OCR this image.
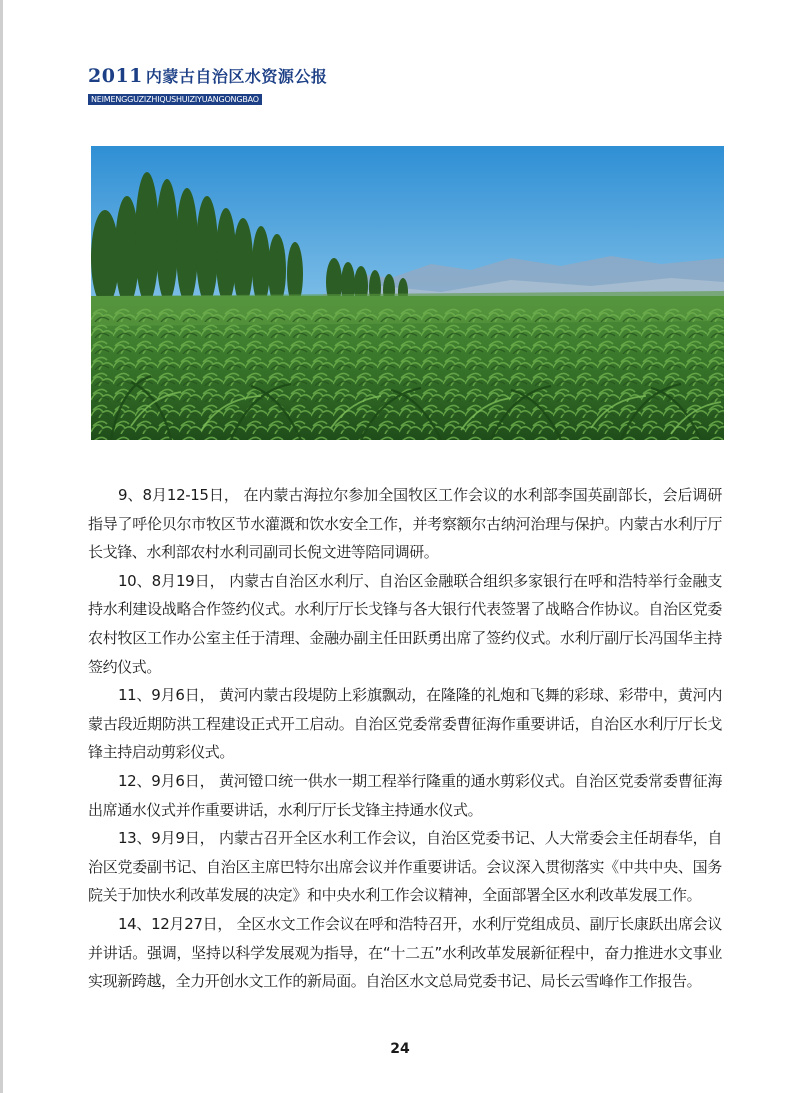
2011 内蒙古自治区水资源公报
NEIMENGGUZIZHIQUSHUIZIYUANGONGBAO

9、8月12-15日， 在内蒙古海拉尔参加全国牧区工作会议的水利部李国英副部长，会后调研指导了呼伦贝尔市牧区节水灌溉和饮水安全工作，并考察额尔古纳河治理与保护。内蒙古水利厅厅长戈锋、水利部农村水利司副司长倪文进等陪同调研。

10、8月19日， 内蒙古自治区水利厅、自治区金融联合组织多家银行在呼和浩特举行金融支持水利建设战略合作签约仪式。水利厅厅长戈锋与各大银行代表签署了战略合作协议。自治区党委农村牧区工作办公室主任于清理、金融办副主任田跃勇出席了签约仪式。水利厅副厅长冯国华主持签约仪式。

11、9月6日， 黄河内蒙古段堤防上彩旗飘动，在隆隆的礼炮和飞舞的彩球、彩带中，黄河内蒙古段近期防洪工程建设正式开工启动。自治区党委常委曹征海作重要讲话，自治区水利厅厅长戈锋主持启动剪彩仪式。

12、9月6日， 黄河镫口统一供水一期工程举行隆重的通水剪彩仪式。自治区党委常委曹征海出席通水仪式并作重要讲话，水利厅厅长戈锋主持通水仪式。

13、9月9日， 内蒙古召开全区水利工作会议，自治区党委书记、人大常委会主任胡春华，自治区党委副书记、自治区主席巴特尔出席会议并作重要讲话。会议深入贯彻落实《中共中央、国务院关于加快水利改革发展的决定》和中央水利工作会议精神，全面部署全区水利改革发展工作。

14、12月27日， 全区水文工作会议在呼和浩特召开，水利厅党组成员、副厅长康跃出席会议并讲话。强调，坚持以科学发展观为指导，在“十二五”水利改革发展新征程中，奋力推进水文事业实现新跨越，全力开创水文工作的新局面。自治区水文总局党委书记、局长云雪峰作工作报告。

24
